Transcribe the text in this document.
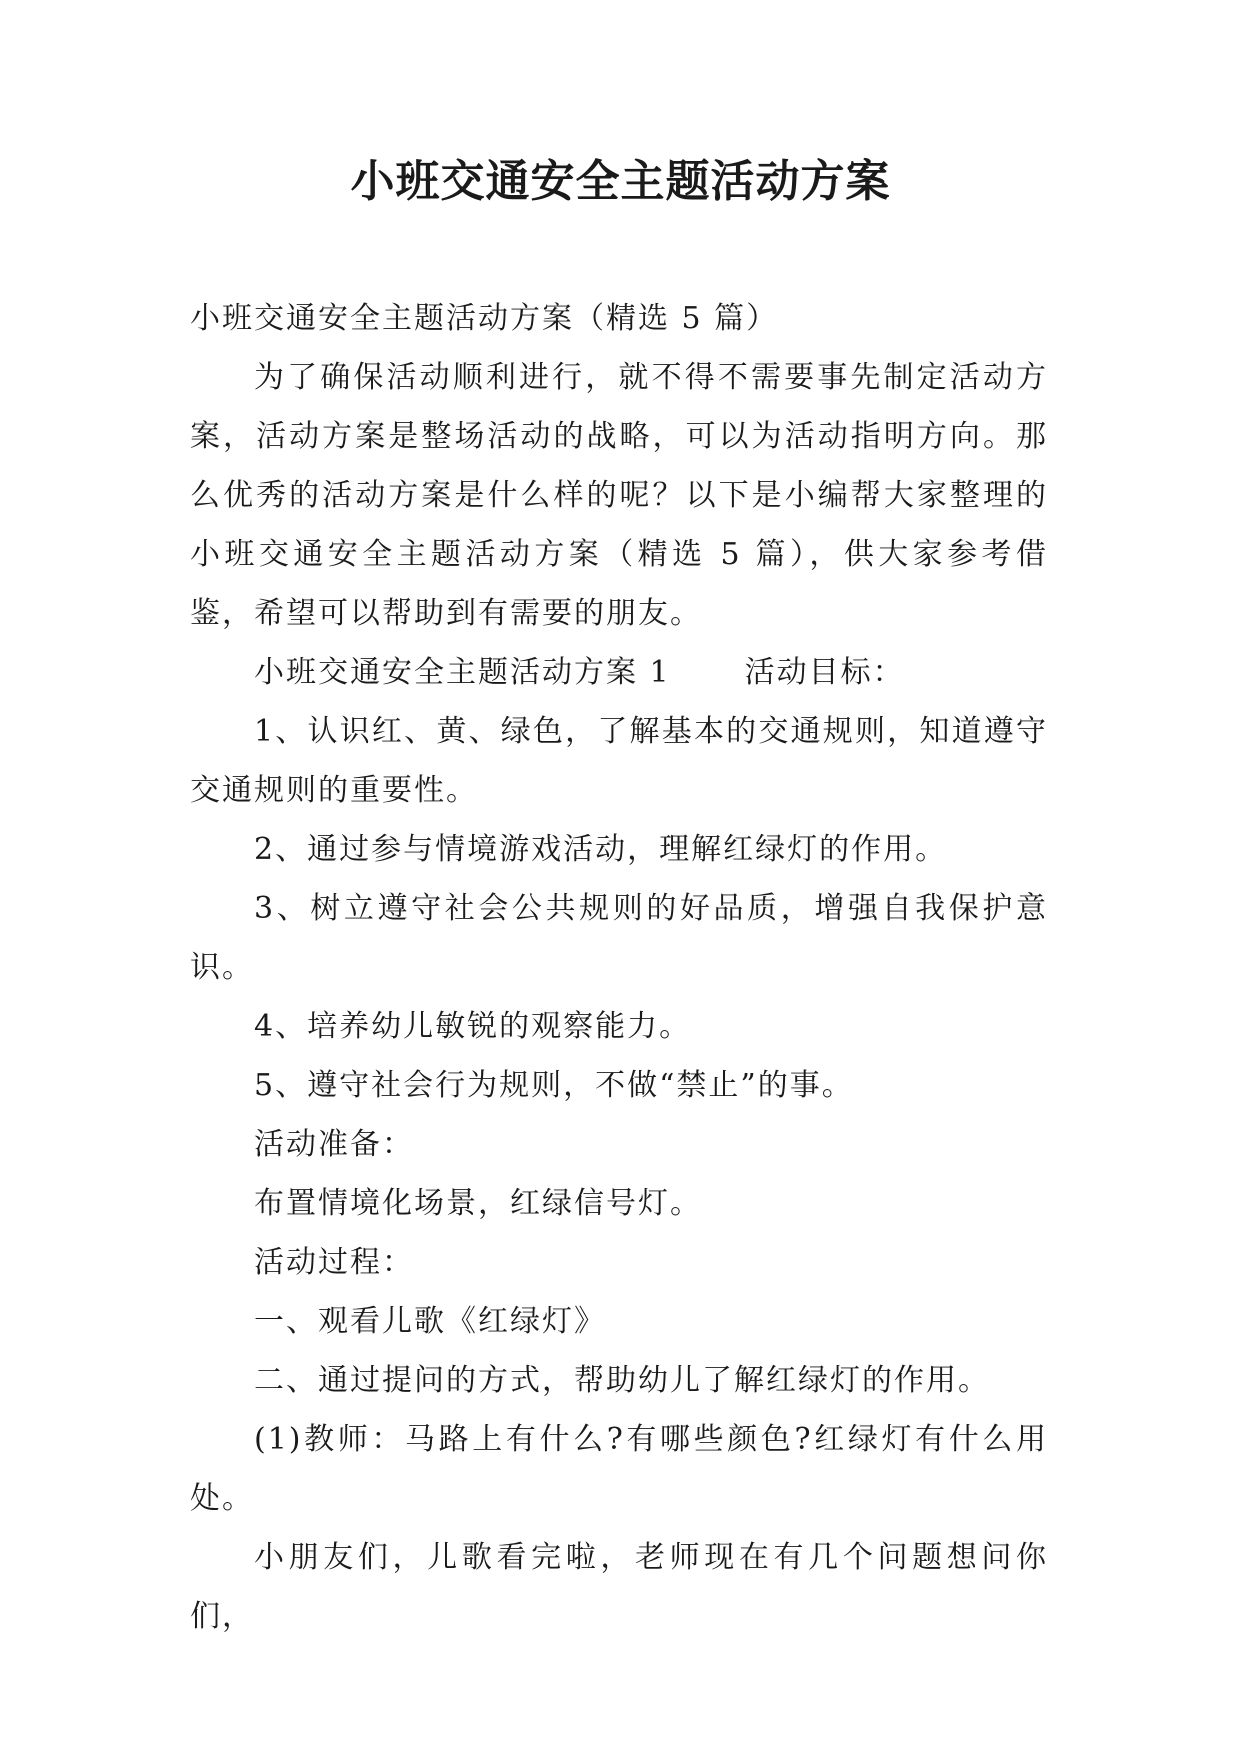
小班交通安全主题活动方案

小班交通安全主题活动方案（精选 5 篇）

为了确保活动顺利进行，就不得不需要事先制定活动方案，活动方案是整场活动的战略，可以为活动指明方向。那么优秀的活动方案是什么样的呢？以下是小编帮大家整理的小班交通安全主题活动方案（精选 5 篇），供大家参考借鉴，希望可以帮助到有需要的朋友。

小班交通安全主题活动方案 1 活动目标：

1、认识红、黄、绿色，了解基本的交通规则，知道遵守交通规则的重要性。

2、通过参与情境游戏活动，理解红绿灯的作用。

3、树立遵守社会公共规则的好品质，增强自我保护意识。

4、培养幼儿敏锐的观察能力。

5、遵守社会行为规则，不做“禁止”的事。

活动准备：

布置情境化场景，红绿信号灯。

活动过程：

一、观看儿歌《红绿灯》

二、通过提问的方式，帮助幼儿了解红绿灯的作用。

(1)教师：马路上有什么?有哪些颜色?红绿灯有什么用处。

小朋友们，儿歌看完啦，老师现在有几个问题想问你们，
